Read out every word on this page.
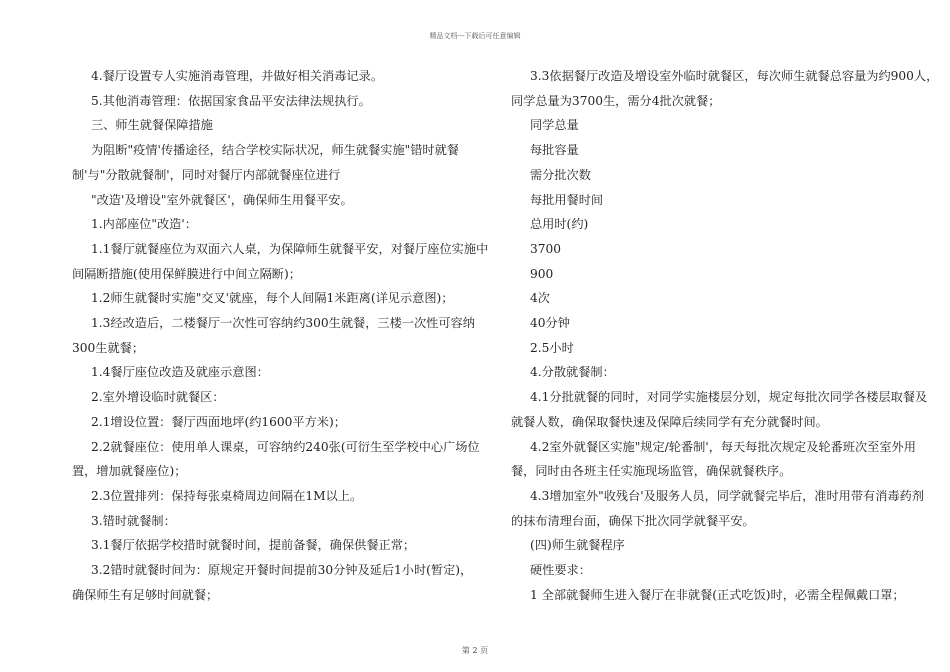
精品文档---下载后可任意编辑

4.餐厅设置专人实施消毒管理，并做好相关消毒记录。

5.其他消毒管理：依据国家食品平安法律法规执行。

三、师生就餐保障措施

为阻断"疫情'传播途径，结合学校实际状况，师生就餐实施"错时就餐

制'与"分散就餐制'，同时对餐厅内部就餐座位进行

"改造'及增设"室外就餐区'，确保师生用餐平安。

1.内部座位"改造'：

1.1餐厅就餐座位为双面六人桌，为保障师生就餐平安，对餐厅座位实施中

间隔断措施(使用保鲜膜进行中间立隔断)；

1.2师生就餐时实施"交叉'就座，每个人间隔1米距离(详见示意图)；

1.3经改造后，二楼餐厅一次性可容纳约300生就餐，三楼一次性可容纳

300生就餐；

1.4餐厅座位改造及就座示意图：

2.室外增设临时就餐区：

2.1增设位置：餐厅西面地坪(约1600平方米)；

2.2就餐座位：使用单人课桌，可容纳约240张(可衍生至学校中心广场位

置，增加就餐座位)；

2.3位置排列：保持每张桌椅周边间隔在1M以上。

3.错时就餐制：

3.1餐厅依据学校措时就餐时间，提前备餐，确保供餐正常；

3.2错时就餐时间为：原规定开餐时间提前30分钟及延后1小时(暂定)，

确保师生有足够时间就餐；

3.3依据餐厅改造及增设室外临时就餐区，每次师生就餐总容量为约900人，

同学总量为3700生，需分4批次就餐；

同学总量

每批容量

需分批次数

每批用餐时间

总用时(约)

3700

900

4次

40分钟

2.5小时

4.分散就餐制：

4.1分批就餐的同时，对同学实施楼层分划，规定每批次同学各楼层取餐及

就餐人数，确保取餐快速及保障后续同学有充分就餐时间。

4.2室外就餐区实施"规定/轮番制'，每天每批次规定及轮番班次至室外用

餐，同时由各班主任实施现场监管，确保就餐秩序。

4.3增加室外"收残台'及服务人员，同学就餐完毕后，准时用带有消毒药剂

的抹布清理台面，确保下批次同学就餐平安。

(四)师生就餐程序

硬性要求：

1 全部就餐师生进入餐厅在非就餐(正式吃饭)时，必需全程佩戴口罩；

第 2 页
